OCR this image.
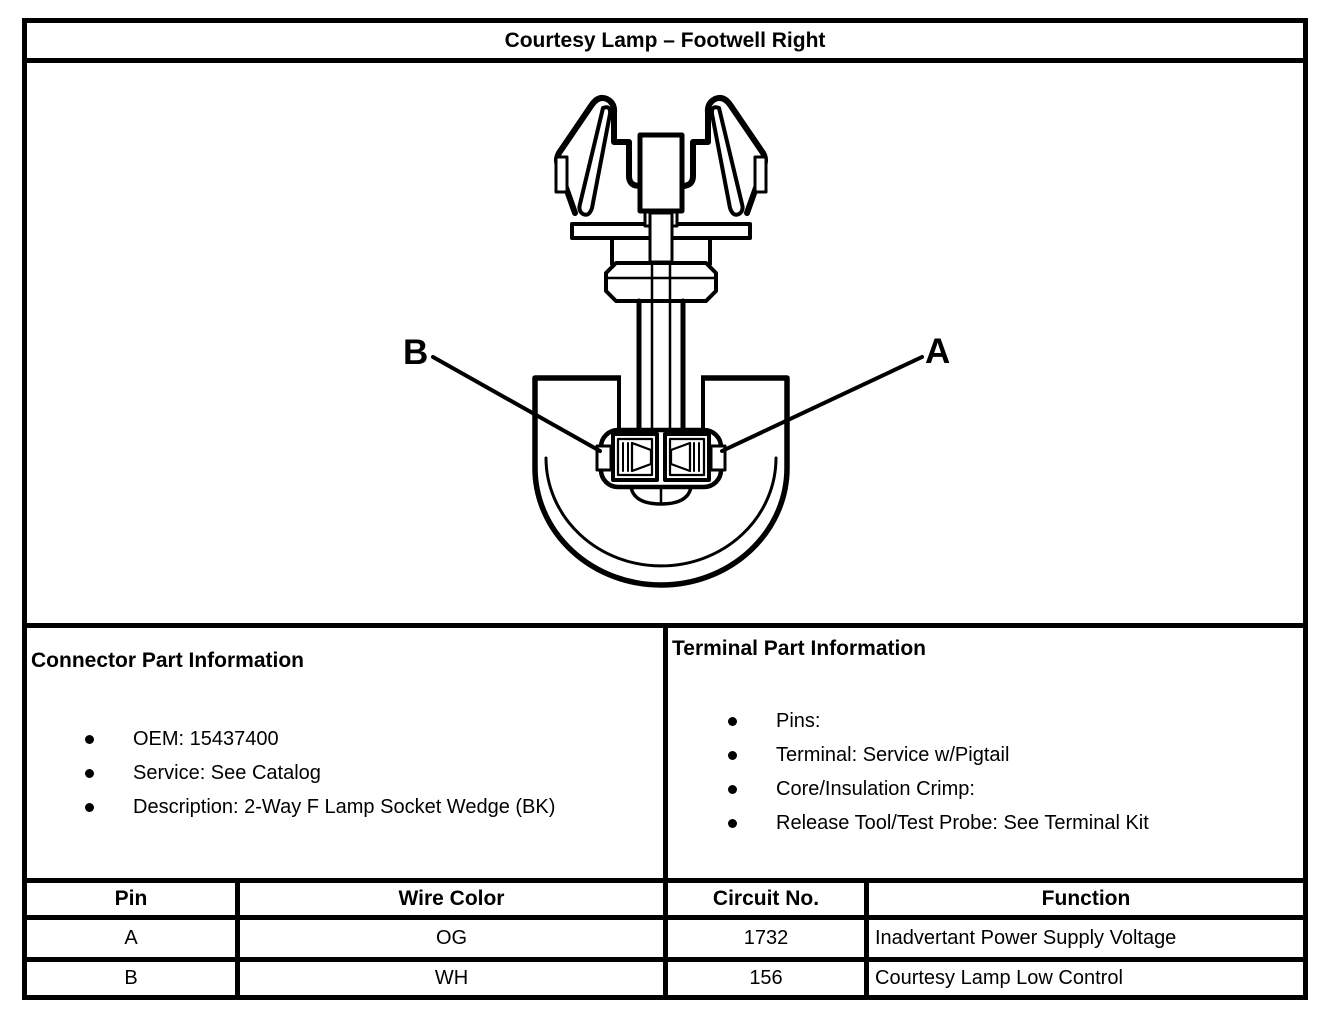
Courtesy Lamp – Footwell Right
B	A
Connector Part Information
OEM: 15437400
Service: See Catalog
Description: 2-Way F Lamp Socket Wedge (BK)
Terminal Part Information
Pins:
Terminal: Service w/Pigtail
Core/Insulation Crimp:
Release Tool/Test Probe: See Terminal Kit
Pin	Wire Color	Circuit No.	Function
A	OG	1732	Inadvertant Power Supply Voltage
B	WH	156	Courtesy Lamp Low Control
